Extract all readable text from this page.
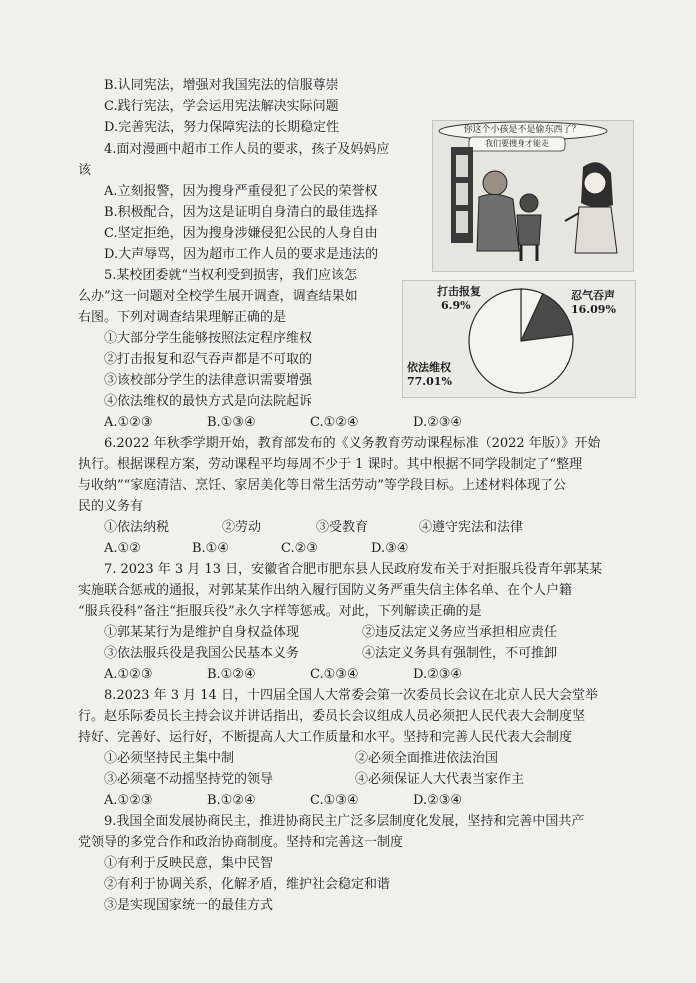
B.认同宪法，增强对我国宪法的信服尊崇
C.践行宪法，学会运用宪法解决实际问题
D.完善宪法，努力保障宪法的长期稳定性
4.面对漫画中超市工作人员的要求，孩子及妈妈应
该
A.立刻报警，因为搜身严重侵犯了公民的荣誉权
B.积极配合，因为这是证明自身清白的最佳选择
C.坚定拒绝，因为搜身涉嫌侵犯公民的人身自由
D.大声辱骂，因为超市工作人员的要求是违法的
你这个小孩是不是偷东西了？
我们要搜身才能走
5.某校团委就“当权利受到损害，我们应该怎
么办”这一问题对全校学生展开调查，调查结果如
右图。下列对调查结果理解正确的是
①大部分学生能够按照法定程序维权
②打击报复和忍气吞声都是不可取的
③该校部分学生的法律意识需要增强
④依法维权的最快方式是向法院起诉
A.①②③	B.①③④	C.①②④	D.②③④
打击报复
6.9%
忍气吞声
16.09%
依法维权
77.01%
6.2022 年秋季学期开始，教育部发布的《义务教育劳动课程标准（2022 年版）》开始
执行。根据课程方案，劳动课程平均每周不少于 1 课时。其中根据不同学段制定了“整理
与收纳”“家庭清洁、烹饪、家居美化等日常生活劳动”等学段目标。上述材料体现了公
民的义务有
①依法纳税	②劳动	③受教育	④遵守宪法和法律
A.①②	B.①④	C.②③	D.③④
7. 2023 年 3 月 13 日，安徽省合肥市肥东县人民政府发布关于对拒服兵役青年郭某某
实施联合惩戒的通报，对郭某某作出纳入履行国防义务严重失信主体名单、在个人户籍
“服兵役科”备注“拒服兵役”永久字样等惩戒。对此，下列解读正确的是
①郭某某行为是维护自身权益体现	②违反法定义务应当承担相应责任
③依法服兵役是我国公民基本义务	④法定义务具有强制性，不可推卸
A.①②③	B.①②④	C.①③④	D.②③④
8.2023 年 3 月 14 日，十四届全国人大常委会第一次委员长会议在北京人民大会堂举
行。赵乐际委员长主持会议并讲话指出，委员长会议组成人员必须把人民代表大会制度坚
持好、完善好、运行好，不断提高人大工作质量和水平。坚持和完善人民代表大会制度
①必须坚持民主集中制	②必须全面推进依法治国
③必须毫不动摇坚持党的领导	④必须保证人大代表当家作主
A.①②③	B.①②④	C.①③④	D.②③④
9.我国全面发展协商民主，推进协商民主广泛多层制度化发展，坚持和完善中国共产
党领导的多党合作和政治协商制度。坚持和完善这一制度
①有利于反映民意，集中民智
②有利于协调关系，化解矛盾，维护社会稳定和谐
③是实现国家统一的最佳方式
